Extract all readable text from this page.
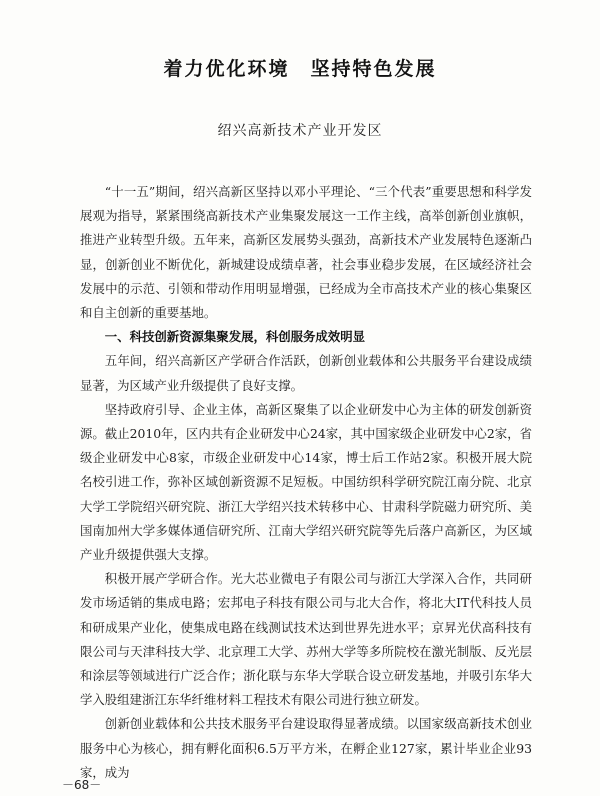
着力优化环境　坚持特色发展
绍兴高新技术产业开发区

“十一五”期间，绍兴高新区坚持以邓小平理论、“三个代表”重要思想和科学发展观为指导，紧紧围绕高新技术产业集聚发展这一工作主线，高举创新创业旗帜，推进产业转型升级。五年来，高新区发展势头强劲，高新技术产业发展特色逐渐凸显，创新创业不断优化，新城建设成绩卓著，社会事业稳步发展，在区域经济社会发展中的示范、引领和带动作用明显增强，已经成为全市高技术产业的核心集聚区和自主创新的重要基地。

一、科技创新资源集聚发展，科创服务成效明显

五年间，绍兴高新区产学研合作活跃，创新创业载体和公共服务平台建设成绩显著，为区域产业升级提供了良好支撑。

坚持政府引导、企业主体，高新区聚集了以企业研发中心为主体的研发创新资源。截止2010年，区内共有企业研发中心24家，其中国家级企业研发中心2家，省级企业研发中心8家，市级企业研发中心14家，博士后工作站2家。积极开展大院名校引进工作，弥补区域创新资源不足短板。中国纺织科学研究院江南分院、北京大学工学院绍兴研究院、浙江大学绍兴技术转移中心、甘肃科学院磁力研究所、美国南加州大学多媒体通信研究所、江南大学绍兴研究院等先后落户高新区，为区域产业升级提供强大支撑。

积极开展产学研合作。光大芯业微电子有限公司与浙江大学深入合作，共同研发市场适销的集成电路；宏邦电子科技有限公司与北大合作，将北大IT代科技人员和研成果产业化，使集成电路在线测试技术达到世界先进水平；京昇光伏高科技有限公司与天津科技大学、北京理工大学、苏州大学等多所院校在激光制版、反光层和涂层等领域进行广泛合作；浙化联与东华大学联合设立研发基地，并吸引东华大学入股组建浙江东华纤维材料工程技术有限公司进行独立研发。

创新创业载体和公共技术服务平台建设取得显著成绩。以国家级高新技术创业服务中心为核心，拥有孵化面积6.5万平方米，在孵企业127家，累计毕业企业93家，成为

－68－
